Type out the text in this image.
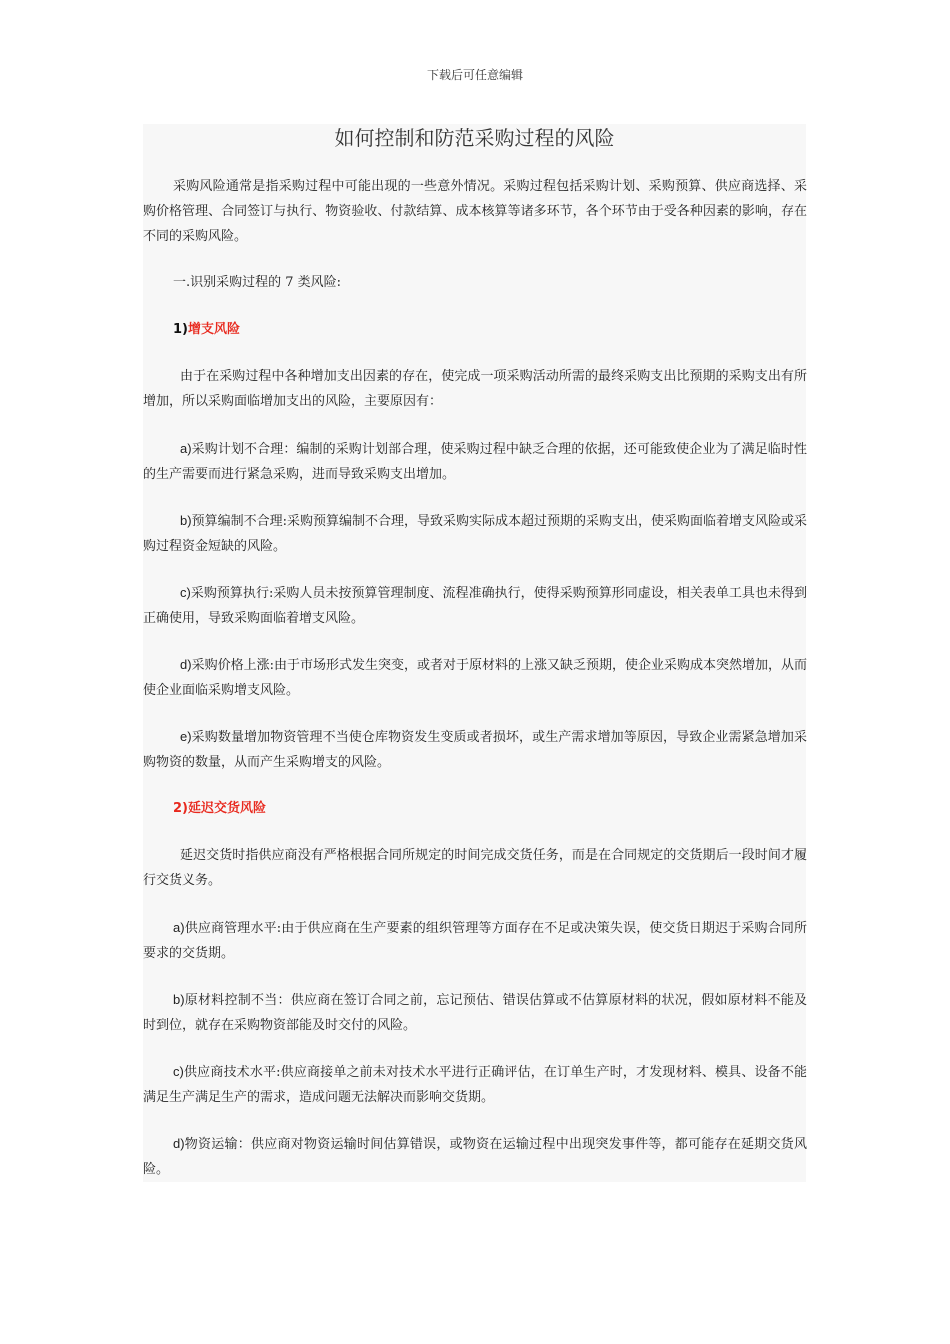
下载后可任意编辑
如何控制和防范采购过程的风险

采购风险通常是指采购过程中可能出现的一些意外情况。采购过程包括采购计划、采购预算、供应商选择、采购价格管理、合同签订与执行、物资验收、付款结算、成本核算等诸多环节，各个环节由于受各种因素的影响，存在不同的采购风险。

一.识别采购过程的 7 类风险:

1)增支风险

由于在采购过程中各种增加支出因素的存在，使完成一项采购活动所需的最终采购支出比预期的采购支出有所增加，所以采购面临增加支出的风险，主要原因有：

a)采购计划不合理：编制的采购计划部合理，使采购过程中缺乏合理的依据，还可能致使企业为了满足临时性的生产需要而进行紧急采购，进而导致采购支出增加。

b)预算编制不合理:采购预算编制不合理，导致采购实际成本超过预期的采购支出，使采购面临着增支风险或采购过程资金短缺的风险。

c)采购预算执行:采购人员未按预算管理制度、流程准确执行，使得采购预算形同虚设，相关表单工具也未得到正确使用，导致采购面临着增支风险。

d)采购价格上涨:由于市场形式发生突变，或者对于原材料的上涨又缺乏预期，使企业采购成本突然增加，从而使企业面临采购增支风险。

e)采购数量增加物资管理不当使仓库物资发生变质或者损坏，或生产需求增加等原因，导致企业需紧急增加采购物资的数量，从而产生采购增支的风险。

2)延迟交货风险

延迟交货时指供应商没有严格根据合同所规定的时间完成交货任务，而是在合同规定的交货期后一段时间才履行交货义务。

a)供应商管理水平:由于供应商在生产要素的组织管理等方面存在不足或决策失误，使交货日期迟于采购合同所要求的交货期。

b)原材料控制不当：供应商在签订合同之前，忘记预估、错误估算或不估算原材料的状况，假如原材料不能及时到位，就存在采购物资部能及时交付的风险。

c)供应商技术水平:供应商接单之前未对技术水平进行正确评估，在订单生产时，才发现材料、模具、设备不能满足生产满足生产的需求，造成问题无法解决而影响交货期。

d)物资运输：供应商对物资运输时间估算错误，或物资在运输过程中出现突发事件等，都可能存在延期交货风险。
